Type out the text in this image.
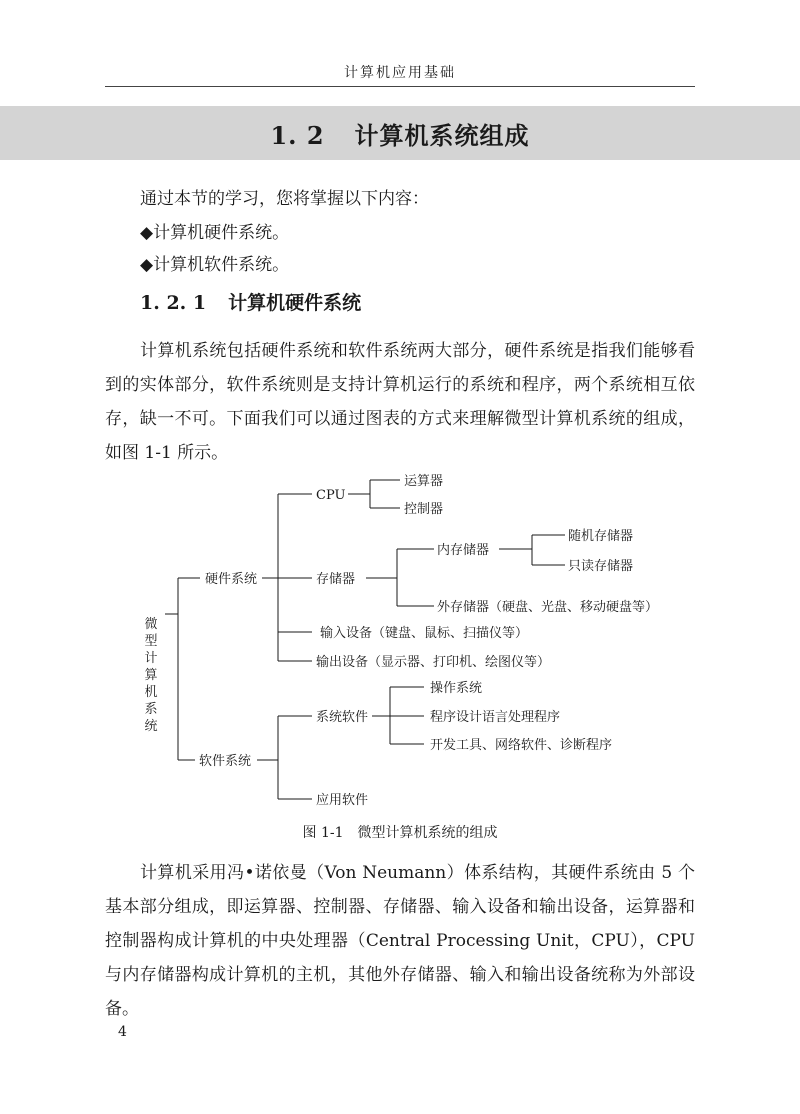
计算机应用基础
1. 2 计算机系统组成
通过本节的学习，您将掌握以下内容：
◆计算机硬件系统。
◆计算机软件系统。
1. 2. 1 计算机硬件系统
计算机系统包括硬件系统和软件系统两大部分，硬件系统是指我们能够看到的实体部分，软件系统则是支持计算机运行的系统和程序，两个系统相互依存，缺一不可。下面我们可以通过图表的方式来理解微型计算机系统的组成，如图 1-1 所示。
微
型
计
算
机
系
统
硬件系统
CPU
运算器
控制器
存储器
内存储器
随机存储器
只读存储器
外存储器（硬盘、光盘、移动硬盘等）
输入设备（键盘、鼠标、扫描仪等）
输出设备（显示器、打印机、绘图仪等）
软件系统
系统软件
操作系统
程序设计语言处理程序
开发工具、网络软件、诊断程序
应用软件
图 1-1 微型计算机系统的组成
计算机采用冯•诺依曼（Von Neumann）体系结构，其硬件系统由 5 个基本部分组成，即运算器、控制器、存储器、输入设备和输出设备，运算器和控制器构成计算机的中央处理器（Central Processing Unit，CPU），CPU 与内存储器构成计算机的主机，其他外存储器、输入和输出设备统称为外部设备。
4
